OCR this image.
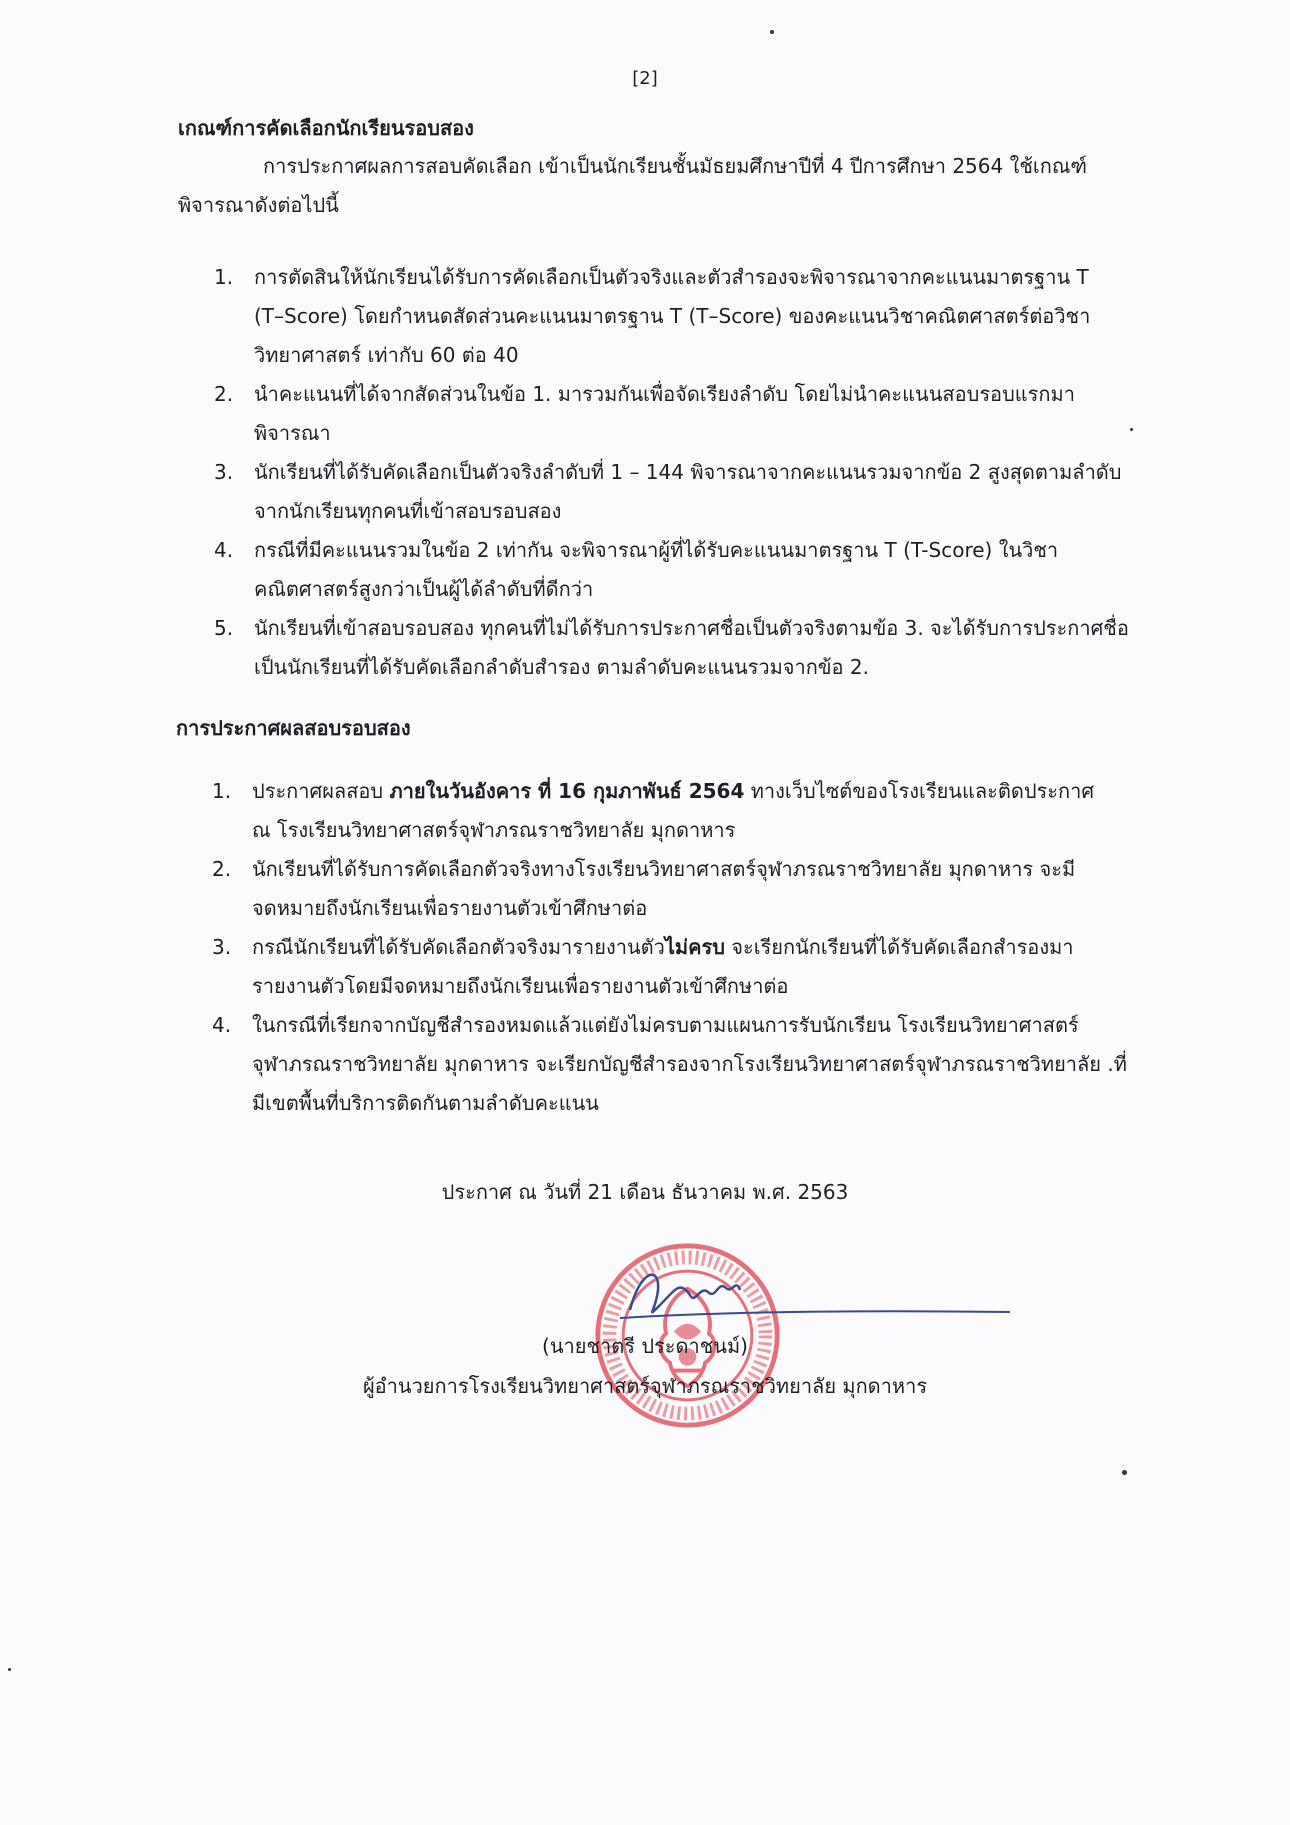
[2]
เกณฑ์การคัดเลือกนักเรียนรอบสอง
การประกาศผลการสอบคัดเลือก เข้าเป็นนักเรียนชั้นมัธยมศึกษาปีที่ 4 ปีการศึกษา 2564 ใช้เกณฑ์
พิจารณาดังต่อไปนี้
1. การตัดสินให้นักเรียนได้รับการคัดเลือกเป็นตัวจริงและตัวสำรองจะพิจารณาจากคะแนนมาตรฐาน T
(T–Score) โดยกำหนดสัดส่วนคะแนนมาตรฐาน T (T–Score) ของคะแนนวิชาคณิตศาสตร์ต่อวิชา
วิทยาศาสตร์ เท่ากับ 60 ต่อ 40
2. นำคะแนนที่ได้จากสัดส่วนในข้อ 1. มารวมกันเพื่อจัดเรียงลำดับ โดยไม่นำคะแนนสอบรอบแรกมา
พิจารณา
3. นักเรียนที่ได้รับคัดเลือกเป็นตัวจริงลำดับที่ 1 – 144 พิจารณาจากคะแนนรวมจากข้อ 2 สูงสุดตามลำดับ
จากนักเรียนทุกคนที่เข้าสอบรอบสอง
4. กรณีที่มีคะแนนรวมในข้อ 2 เท่ากัน จะพิจารณาผู้ที่ได้รับคะแนนมาตรฐาน T (T-Score) ในวิชา
คณิตศาสตร์สูงกว่าเป็นผู้ได้ลำดับที่ดีกว่า
5. นักเรียนที่เข้าสอบรอบสอง ทุกคนที่ไม่ได้รับการประกาศชื่อเป็นตัวจริงตามข้อ 3. จะได้รับการประกาศชื่อ
เป็นนักเรียนที่ได้รับคัดเลือกลำดับสำรอง ตามลำดับคะแนนรวมจากข้อ 2.
การประกาศผลสอบรอบสอง
1. ประกาศผลสอบ ภายในวันอังคาร ที่ 16 กุมภาพันธ์ 2564 ทางเว็บไซต์ของโรงเรียนและติดประกาศ
ณ โรงเรียนวิทยาศาสตร์จุฬาภรณราชวิทยาลัย มุกดาหาร
2. นักเรียนที่ได้รับการคัดเลือกตัวจริงทางโรงเรียนวิทยาศาสตร์จุฬาภรณราชวิทยาลัย มุกดาหาร จะมี
จดหมายถึงนักเรียนเพื่อรายงานตัวเข้าศึกษาต่อ
3. กรณีนักเรียนที่ได้รับคัดเลือกตัวจริงมารายงานตัวไม่ครบ จะเรียกนักเรียนที่ได้รับคัดเลือกสำรองมา
รายงานตัวโดยมีจดหมายถึงนักเรียนเพื่อรายงานตัวเข้าศึกษาต่อ
4. ในกรณีที่เรียกจากบัญชีสำรองหมดแล้วแต่ยังไม่ครบตามแผนการรับนักเรียน โรงเรียนวิทยาศาสตร์
จุฬาภรณราชวิทยาลัย มุกดาหาร จะเรียกบัญชีสำรองจากโรงเรียนวิทยาศาสตร์จุฬาภรณราชวิทยาลัย .ที่
มีเขตพื้นที่บริการติดกันตามลำดับคะแนน
ประกาศ ณ วันที่ 21 เดือน ธันวาคม พ.ศ. 2563
(นายชาตรี ประดาชนม์)
ผู้อำนวยการโรงเรียนวิทยาศาสตร์จุฬาภรณราชวิทยาลัย มุกดาหาร
